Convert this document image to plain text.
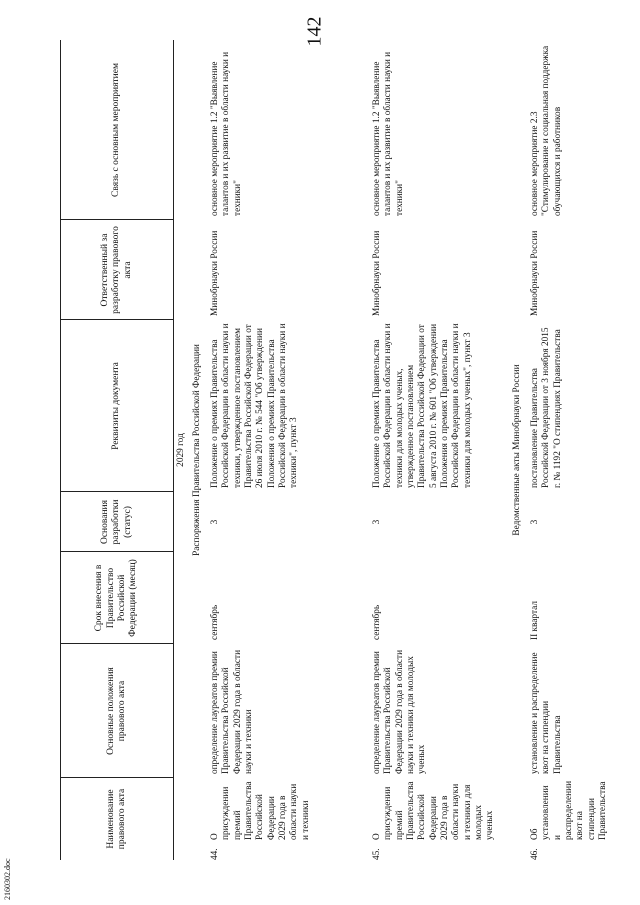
142
Наименование правового акта
Основные положения правового акта
Срок внесения в Правительство Российской Федерации (месяц)
Основания разработки (статус)
Реквизиты документа
Ответственный за разработку правового акта
Связь с основным мероприятием
2029 год Распоряжения Правительства Российской Федерации
44.
О присуждении премий Правительства Российской Федерации 2029 года в области науки и техники
определение лауреатов премии Правительства Российской Федерации 2029 года в области науки и техники
сентябрь
3
Положение о премиях Правительства Российской Федерации в области науки и техники, утвержденное постановлением Правительства Российской Федерации от 26 июля 2010 г. № 544 "Об утверждении Положения о премиях Правительства Российской Федерации в области науки и техники", пункт 3
Минобрнауки России
основное мероприятие 1.2 "Выявление талантов и их развитие в области науки и техники"
45.
О присуждении премий Правительства Российской Федерации 2029 года в области науки и техники для молодых ученых
определение лауреатов премии Правительства Российской Федерации 2029 года в области науки и техники для молодых ученых
сентябрь
3
Положение о премиях Правительства Российской Федерации в области науки и техники для молодых ученых, утвержденное постановлением Правительства Российской Федерации от 5 августа 2010 г. № 601 "Об утверждении Положения о премиях Правительства Российской Федерации в области науки и техники для молодых ученых", пункт 3
Минобрнауки России
основное мероприятие 1.2 "Выявление талантов и их развитие в области науки и техники"
Ведомственные акты Минобрнауки России
46.
Об установлении и распределении квот на стипендии Правительства
установление и распределение квот на стипендии Правительства
II квартал
3
постановление Правительства Российской Федерации от 3 ноября 2015 г. № 1192 "О стипендиях Правительства
Минобрнауки России
основное мероприятие 2.3 "Стимулирование и социальная поддержка обучающихся и работников
2160302.doc
